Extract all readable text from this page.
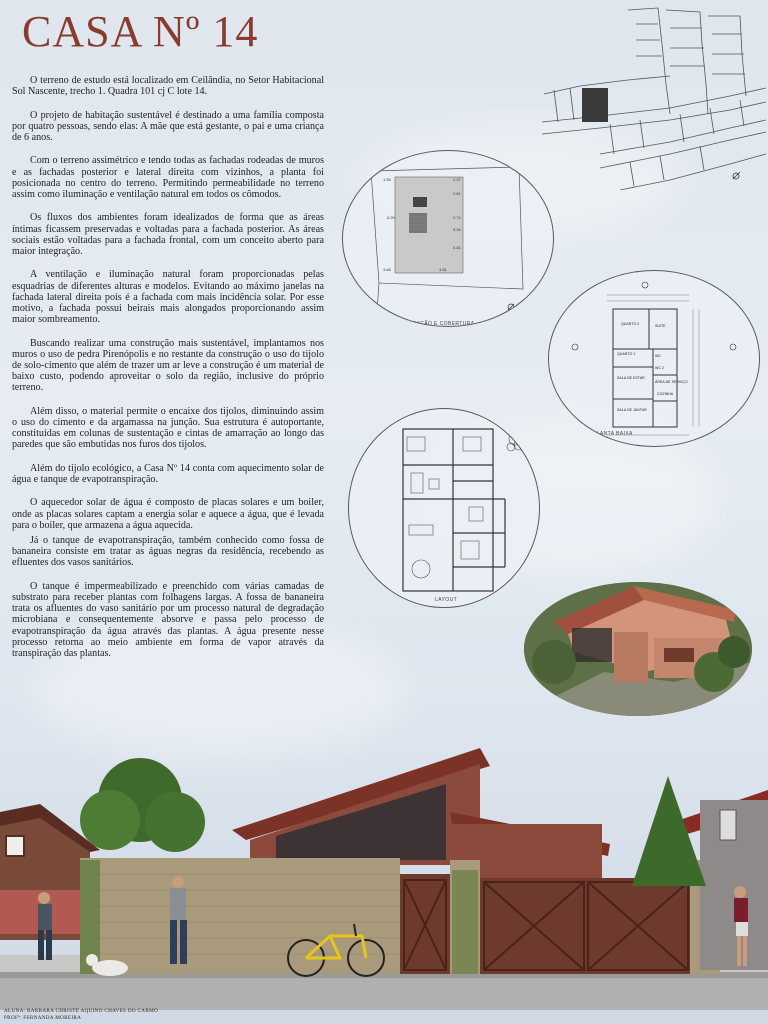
CASA Nº 14

O terreno de estudo está localizado em Ceilândia, no Setor Habitacional Sol Nascente, trecho 1. Quadra 101 cj C lote 14.

O projeto de habitação sustentável é destinado a uma família composta por quatro pessoas, sendo elas: A mãe que está gestante, o pai e uma criança de 6 anos.

Com o terreno assimétrico e tendo todas as fachadas rodeadas de muros e as fachadas posterior e lateral direita com vizinhos, a planta foi posicionada no centro do terreno. Permitindo permeabilidade no terreno assim como iluminação e ventilação natural em todos os cômodos.

Os fluxos dos ambientes foram idealizados de forma que as áreas íntimas ficassem preservadas e voltadas para a fachada posterior. As áreas sociais estão voltadas para a fachada frontal, com um conceito aberto para maior integração.

A ventilação e iluminação natural foram proporcionadas pelas esquadrias de diferentes alturas e modelos. Evitando ao máximo janelas na fachada lateral direita pois é a fachada com mais incidência solar. Por esse motivo, a fachada possui beirais mais alongados proporcionando assim maior sombreamento.

Buscando realizar uma construção mais sustentável, implantamos nos muros o uso de pedra Pirenópolis e no restante da construção o uso do tijolo de solo-cimento que além de trazer um ar leve a construção é um material de baixo custo, podendo aproveitar o solo da região, inclusive do próprio terreno.

Além disso, o material permite o encaixe dos tijolos, diminuindo assim o uso do cimento e da argamassa na junção. Sua estrutura é autoportante, constituídas em colunas de sustentação e cintas de amarração ao longo das paredes que são embutidas nos furos dos tijolos.

Além do tijolo ecológico, a Casa Nº 14 conta com aquecimento solar de água e tanque de evapotranspiração.

O aquecedor solar de água é composto de placas solares e um boiler, onde as placas solares captam a energia solar e aquece a água, que é levada para o boiler, que armazena a água aquecida.

Já o tanque de evapotranspiração, também conhecido como fossa de bananeira consiste em tratar as águas negras da residência, recebendo as efluentes dos vasos sanitários.

O tanque é impermeabilizado e preenchido com várias camadas de substrato para receber plantas com folhagens largas. A fossa de bananeira trata os afluentes do vaso sanitário por um processo natural de degradação microbiana e consequentemente absorve e passa pelo processo de evapotranspiração da água através das plantas. A água presente nesse processo retorna ao meio ambiente em forma de vapor através da transpiração das plantas.

1.95	2.37
2.61
0.20	2.74
3.24
0.81
3.68	3.81
LOCAÇÃO E COBERTURA	QUARTO 2	SUITE
QUARTO 1	WC
SALA DE ESTAR
WC 2
SALA DE JANTAR
COZINHA
ÁREA DE SERVIÇO
PLANTA BAIXA
LAYOUT
ALUNA: BARBARA CHRISTE AQUINO CHAVES DO CARMO
PROFª: FERNANDA MOREIRA
